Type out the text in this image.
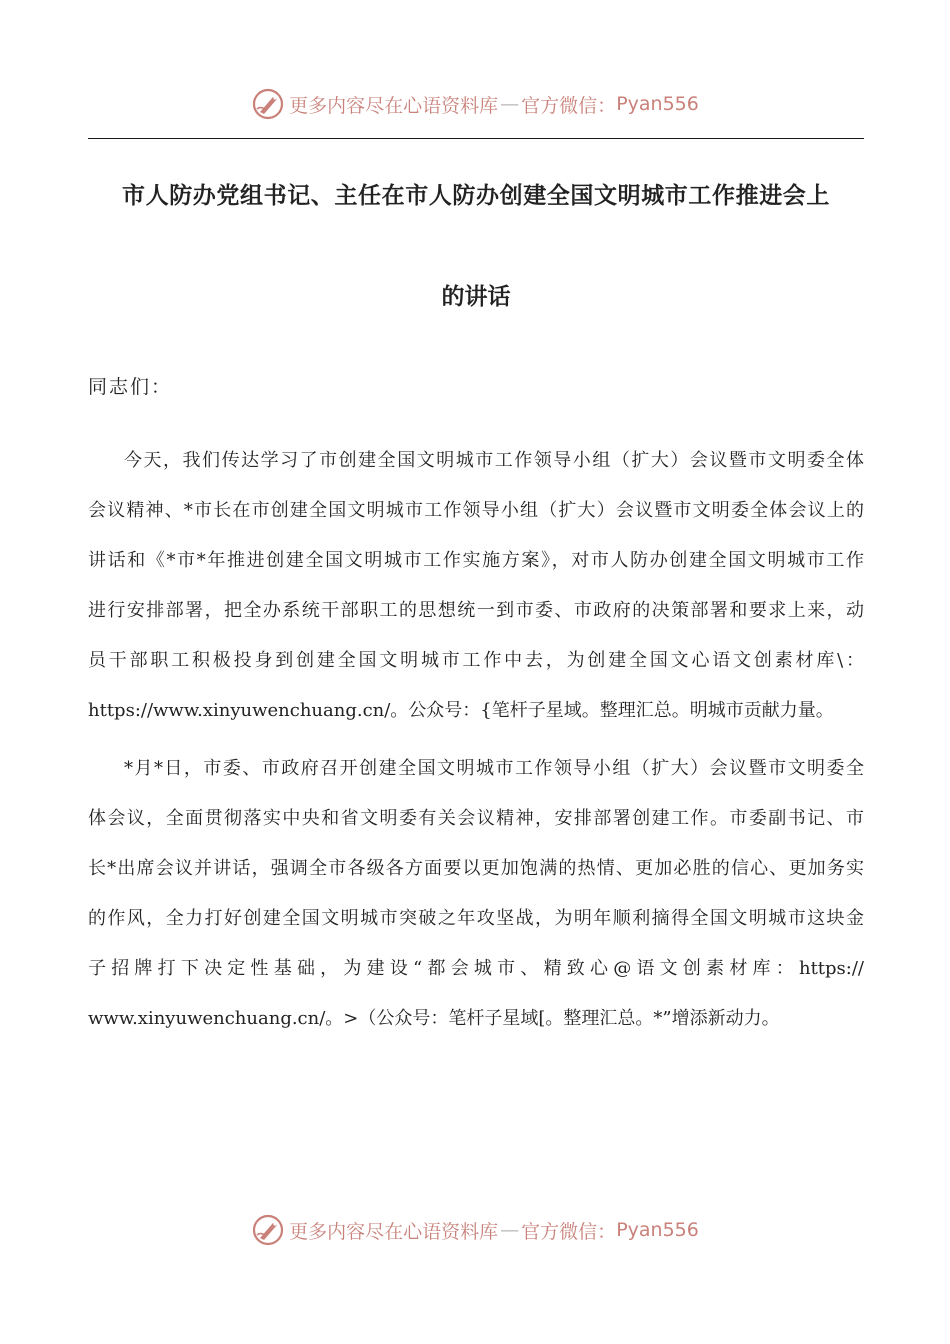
更多内容尽在心语资料库 — 官方微信： Pyan556
市人防办党组书记、主任在市人防办创建全国文明城市工作推进会上
的讲话
同志们：
今天，我们传达学习了市创建全国文明城市工作领导小组（扩大）会议暨市文明委全体
会议精神、*市长在市创建全国文明城市工作领导小组（扩大）会议暨市文明委全体会议上的
讲话和《*市*年推进创建全国文明城市工作实施方案》，对市人防办创建全国文明城市工作
进行安排部署，把全办系统干部职工的思想统一到市委、市政府的决策部署和要求上来，动
员干部职工积极投身到创建全国文明城市工作中去，为创建全国文心语文创素材库\：
https://www.xinyuwenchuang.cn/。公众号：{笔杆子星域。整理汇总。明城市贡献力量。
*月*日，市委、市政府召开创建全国文明城市工作领导小组（扩大）会议暨市文明委全
体会议，全面贯彻落实中央和省文明委有关会议精神，安排部署创建工作。市委副书记、市
长*出席会议并讲话，强调全市各级各方面要以更加饱满的热情、更加必胜的信心、更加务实
的作风，全力打好创建全国文明城市突破之年攻坚战，为明年顺利摘得全国文明城市这块金
子招牌打下决定性基础，为建设“都会城市、精致心@语文创素材库：https://
www.xinyuwenchuang.cn/。>（公众号：笔杆子星域[。整理汇总。*”增添新动力。
更多内容尽在心语资料库 — 官方微信： Pyan556
